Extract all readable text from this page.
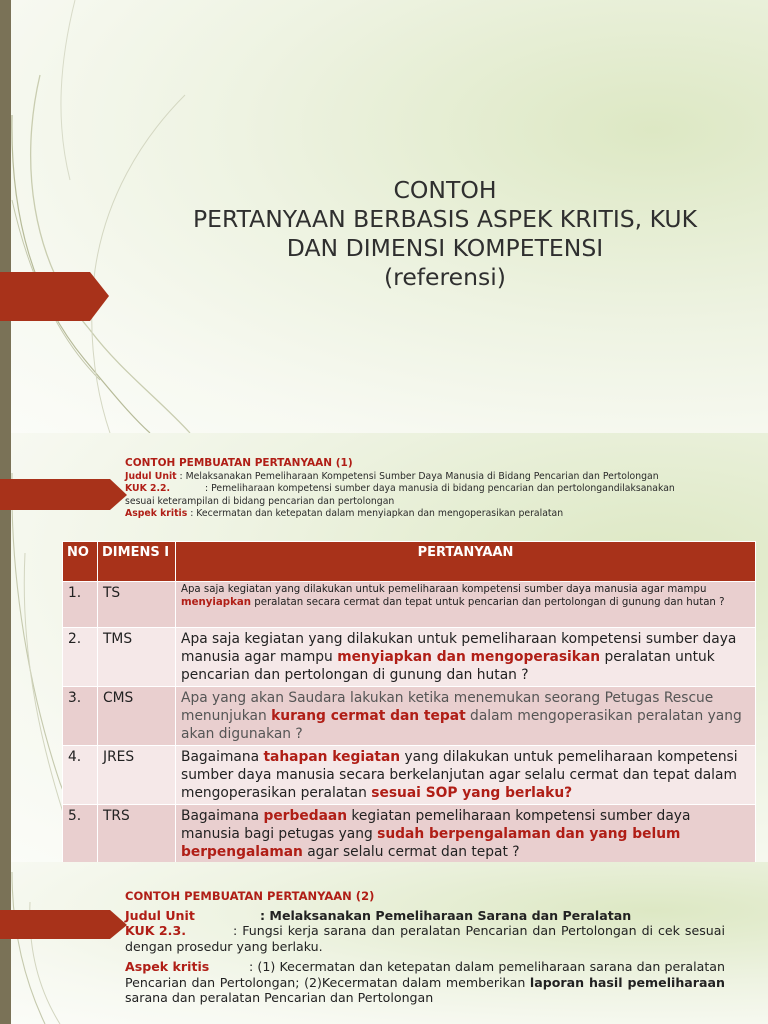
CONTOH
PERTANYAAN BERBASIS ASPEK KRITIS, KUK
DAN DIMENSI KOMPETENSI
(referensi)
CONTOH PEMBUATAN PERTANYAAN (1)
Judul Unit : Melaksanakan Pemeliharaan Kompetensi Sumber Daya Manusia di Bidang Pencarian dan Pertolongan
KUK 2.2.	: Pemeliharaan kompetensi sumber daya manusia di bidang pencarian dan pertolongandilaksanakan
sesuai keterampilan di bidang pencarian dan pertolongan
Aspek kritis : Kecermatan dan ketepatan dalam menyiapkan dan mengoperasikan peralatan
NO	DIMENS I	PERTANYAAN
1.	TS	Apa saja kegiatan yang dilakukan untuk pemeliharaan kompetensi sumber daya manusia agar mampu menyiapkan peralatan secara cermat dan tepat untuk pencarian dan pertolongan di gunung dan hutan ?
2.	TMS	Apa saja kegiatan yang dilakukan untuk pemeliharaan kompetensi sumber daya manusia agar mampu menyiapkan dan mengoperasikan peralatan untuk pencarian dan pertolongan di gunung dan hutan ?
3.	CMS	Apa yang akan Saudara lakukan ketika menemukan seorang Petugas Rescue menunjukan kurang cermat dan tepat dalam mengoperasikan peralatan yang akan digunakan ?
4.	JRES	Bagaimana tahapan kegiatan yang dilakukan untuk pemeliharaan kompetensi sumber daya manusia secara berkelanjutan agar selalu cermat dan tepat dalam mengoperasikan peralatan sesuai SOP yang berlaku?
5.	TRS	Bagaimana perbedaan kegiatan pemeliharaan kompetensi sumber daya manusia bagi petugas yang sudah berpengalaman dan yang belum berpengalaman agar selalu cermat dan tepat ?
CONTOH PEMBUATAN PERTANYAAN (2)
Judul Unit	: Melaksanakan Pemeliharaan Sarana dan Peralatan
KUK 2.3.	: Fungsi kerja sarana dan peralatan Pencarian dan Pertolongan di cek sesuai dengan prosedur yang berlaku.
Aspek kritis	: (1) Kecermatan dan ketepatan dalam pemeliharaan sarana dan peralatan Pencarian dan Pertolongan; (2)Kecermatan dalam memberikan laporan hasil pemeliharaan sarana dan peralatan Pencarian dan Pertolongan
